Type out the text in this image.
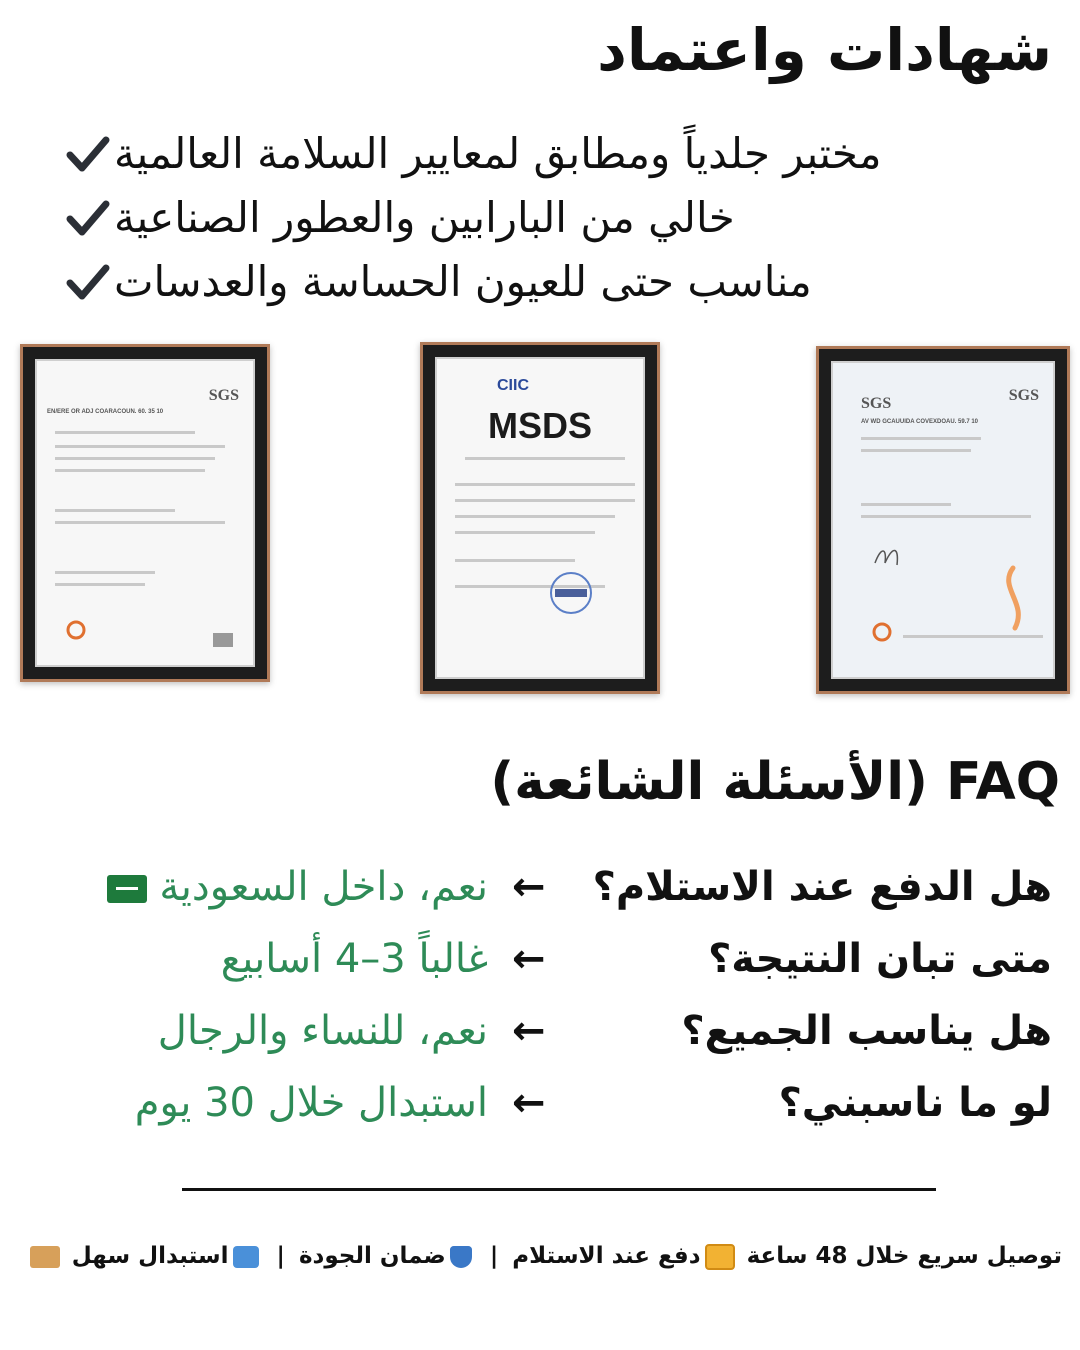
شهادات واعتماد
مختبر جلدياً ومطابق لمعايير السلامة العالمية
خالي من البارابين والعطور الصناعية
مناسب حتى للعيون الحساسة والعدسات
SGS
EN/ERE OR ADJ COARACOUN. 60. 35 10
CIIC
MSDS
SGS	SGS
AV WD GCAUUIDA COVEXDOAU. 59.7 10
FAQ (الأسئلة الشائعة)
هل الدفع عند الاستلام؟
←
نعم، داخل السعودية
متى تبان النتيجة؟
←
غالباً 3–4 أسابيع
هل يناسب الجميع؟
←
نعم، للنساء والرجال
لو ما ناسبني؟
←
استبدال خلال 30 يوم
توصيل سريع خلال 48 ساعة دفع عند الاستلام | ضمان الجودة | استبدال سهل
